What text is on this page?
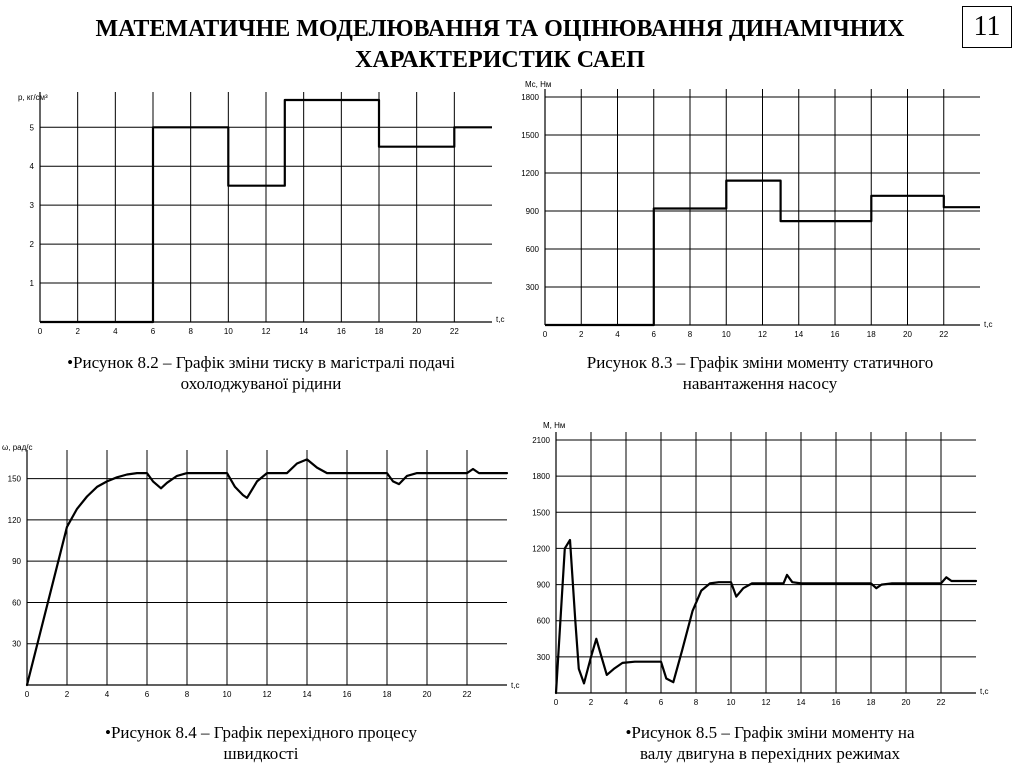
МАТЕМАТИЧНЕ МОДЕЛЮВАННЯ ТА ОЦІНЮВАННЯ ДИНАМІЧНИХ
ХАРАКТЕРИСТИК САЕП
11
0	2	4	6	8	10	12	14	16	18	20	22
1
2
3
4
5
р, кг/см³
t,c
0	2	4	6	8	10	12	14	16	18	20	22
300
600
900
1200
1500
1800
Mс, Нм
t,c
0	2	4	6	8	10	12	14	16	18	20	22
30
60
90
120
150
ω, рад/с
t,c
0	2	4	6	8	10	12	14	16	18	20	22
300
600
900
1200
1500
1800
2100
M, Нм
t,c
•Рисунок 8.2 – Графік зміни тиску в магістралі подачі
охолоджуваної рідини
Рисунок 8.3 – Графік зміни моменту статичного
навантаження насосу
•Рисунок 8.4 – Графік перехідного процесу
швидкості
•Рисунок 8.5 – Графік зміни моменту на
валу двигуна в перехідних режимах
